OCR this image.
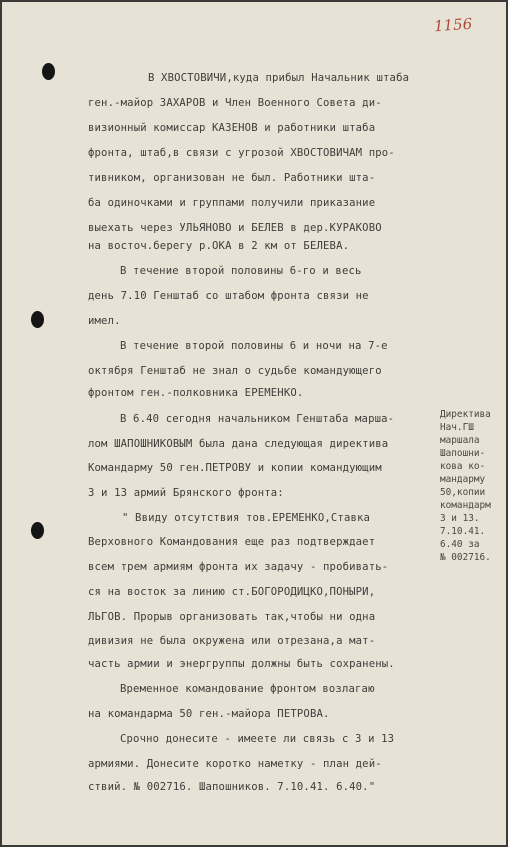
1156
В ХВОСТОВИЧИ,куда прибыл Начальник штаба
ген.-майор ЗАХАРОВ и Член Военного Совета ди-
визионный комиссар КАЗЕНОВ и работники штаба
фронта, штаб,в связи с угрозой ХВОСТОВИЧАМ про-
тивником, организован не был. Работники шта-
ба одиночками и группами получили приказание
выехать через УЛЬЯНОВО и БЕЛЕВ в дер.КУРАКОВО
на восточ.берегу р.ОКА в 2 км от БЕЛЕВА.
В течение второй половины 6-го и весь
день 7.10 Генштаб со штабом фронта связи не
имел.
В течение второй половины 6 и ночи на 7-е
октября Генштаб не знал о судьбе командующего
фронтом ген.-полковника ЕРЕМЕНКО.
В 6.40 сегодня начальником Генштаба марша-
лом ШАПОШНИКОВЫМ была дана следующая директива
Командарму 50 ген.ПЕТРОВУ и копии командующим
3 и 13 армий Брянского фронта:
" Ввиду отсутствия тов.ЕРЕМЕНКО,Ставка
Верховного Командования еще раз подтверждает
всем трем армиям фронта их задачу - пробивать-
ся на восток за линию ст.БОГОРОДИЦКО,ПОНЫРИ,
ЛЬГОВ. Прорыв организовать так,чтобы ни одна
дивизия не была окружена или отрезана,а мат-
часть армии и энергруппы должны быть сохранены.
Временное командование фронтом возлагаю
на командарма 50 ген.-майора ПЕТРОВА.
Срочно донесите - имеете ли связь с 3 и 13
армиями. Донесите коротко наметку - план дей-
ствий. № 002716. Шапошников. 7.10.41. 6.40."
Директива
Нач.ГШ
маршала
Шапошни-
кова ко-
мандарму
50,копии
командарм
3 и 13.
7.10.41.
6.40 за
№ 002716.
